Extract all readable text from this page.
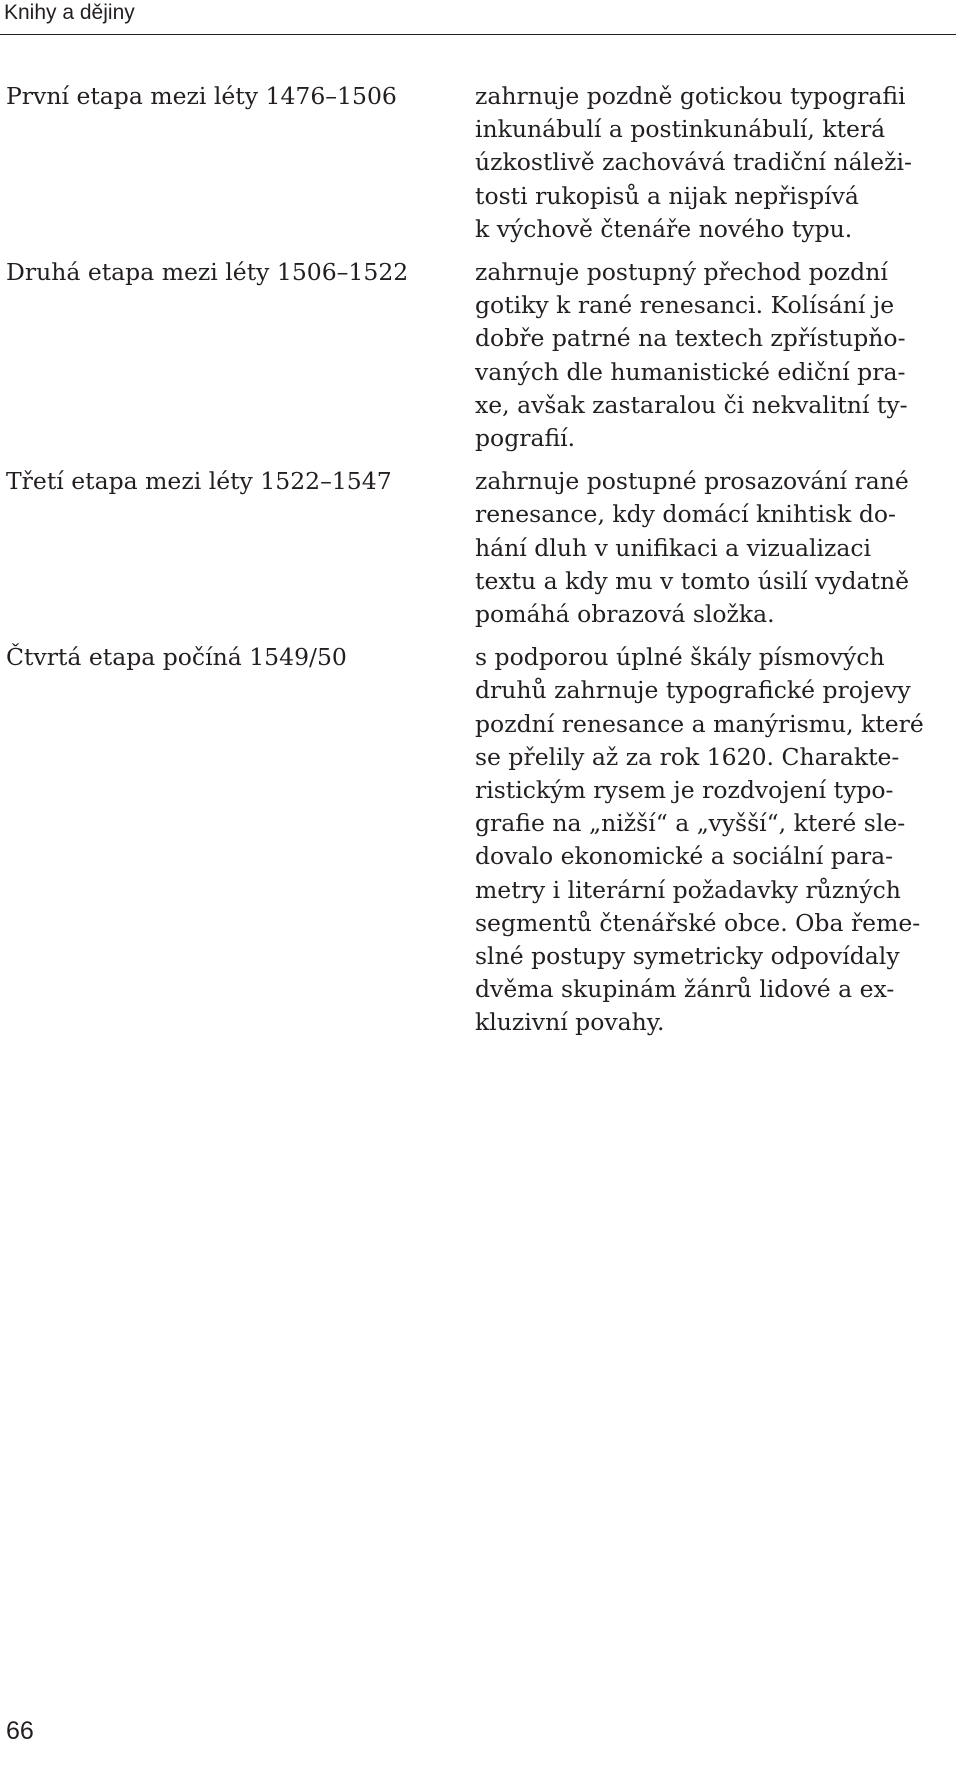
Knihy a dějiny
První etapa mezi léty 1476–1506	zahrnuje pozdně gotickou typografii
inkunábulí a postinkunábulí, která
úzkostlivě zachovává tradiční náleži-
tosti rukopisů a nijak nepřispívá
k výchově čtenáře nového typu.

Druhá etapa mezi léty 1506–1522	zahrnuje postupný přechod pozdní
gotiky k rané renesanci. Kolísání je
dobře patrné na textech zpřístupňo-
vaných dle humanistické ediční pra-
xe, avšak zastaralou či nekvalitní ty-
pografií.

Třetí etapa mezi léty 1522–1547	zahrnuje postupné prosazování rané
renesance, kdy domácí knihtisk do-
hání dluh v unifikaci a vizualizaci
textu a kdy mu v tomto úsilí vydatně
pomáhá obrazová složka.

Čtvrtá etapa počíná 1549/50	s podporou úplné škály písmových
druhů zahrnuje typografické projevy
pozdní renesance a manýrismu, které
se přelily až za rok 1620. Charakte-
ristickým rysem je rozdvojení typo-
grafie na „nižší“ a „vyšší“, které sle-
dovalo ekonomické a sociální para-
metry i literární požadavky různých
segmentů čtenářské obce. Oba řeme-
slné postupy symetricky odpovídaly
dvěma skupinám žánrů lidové a ex-
kluzivní povahy.

66
